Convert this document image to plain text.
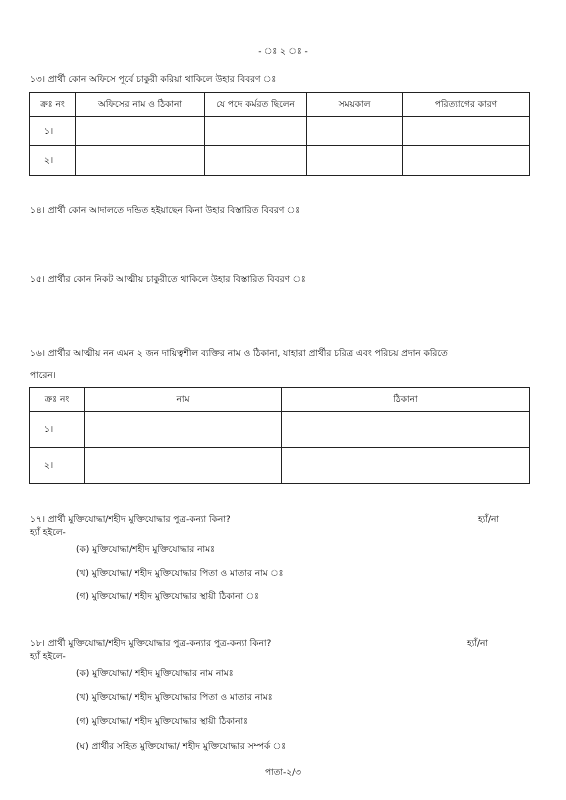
- ঃ ২ ঃ -
১৩। প্রার্থী কোন অফিসে পূর্বে চাকুরী করিয়া থাকিলে উহার বিবরণ ঃ
ক্রঃ নং	অফিসের নাম ও ঠিকানা	যে পদে কর্মরত ছিলেন	সময়কাল	পরিত্যাগের কারণ
১।				
২।				
১৪। প্রার্থী কোন আদালতে দন্ডিত হইয়াছেন কিনা উহার বিস্তারিত বিবরণ ঃ
১৫। প্রার্থীর কোন নিকট আত্মীয় চাকুরীতে থাকিলে উহার বিস্তারিত বিবরণ ঃ
১৬। প্রার্থীর আত্মীয় নন এমন ২ জন দায়িত্বশীল ব্যক্তির নাম ও ঠিকানা, যাহারা প্রার্থীর চরিত্র এবং পরিচয় প্রদান করিতে
পারেন।
ক্রঃ নং	নাম	ঠিকানা
১।		
২।		
১৭। প্রার্থী মুক্তিযোদ্ধা/শহীদ মুক্তিযোদ্ধার পুত্র-কন্যা কিনা?	হ্যাঁ/না
হ্যাঁ হইলে-
(ক) মুক্তিযোদ্ধা/শহীদ মুক্তিযোদ্ধার নামঃ
(খ) মুক্তিযোদ্ধা/ শহীদ মুক্তিযোদ্ধার পিতা ও মাতার নাম ঃ
(গ) মুক্তিযোদ্ধা/ শহীদ মুক্তিযোদ্ধার স্থায়ী ঠিকানা ঃ
১৮। প্রার্থী মুক্তিযোদ্ধা/শহীদ মুক্তিযোদ্ধার পুত্র-কন্যার পুত্র-কন্যা কিনা?	হ্যাঁ/না
হ্যাঁ হইলে-
(ক) মুক্তিযোদ্ধা/ শহীদ মুক্তিযোদ্ধার নাম নামঃ
(খ) মুক্তিযোদ্ধা/ শহীদ মুক্তিযোদ্ধার পিতা ও মাতার নামঃ
(গ) মুক্তিযোদ্ধা/ শহীদ মুক্তিযোদ্ধার স্থায়ী ঠিকানাঃ
(ঘ) প্রার্থীর সহিত মুক্তিযোদ্ধা/ শহীদ মুক্তিযোদ্ধার সম্পর্ক ঃ
পাতা-২/৩
